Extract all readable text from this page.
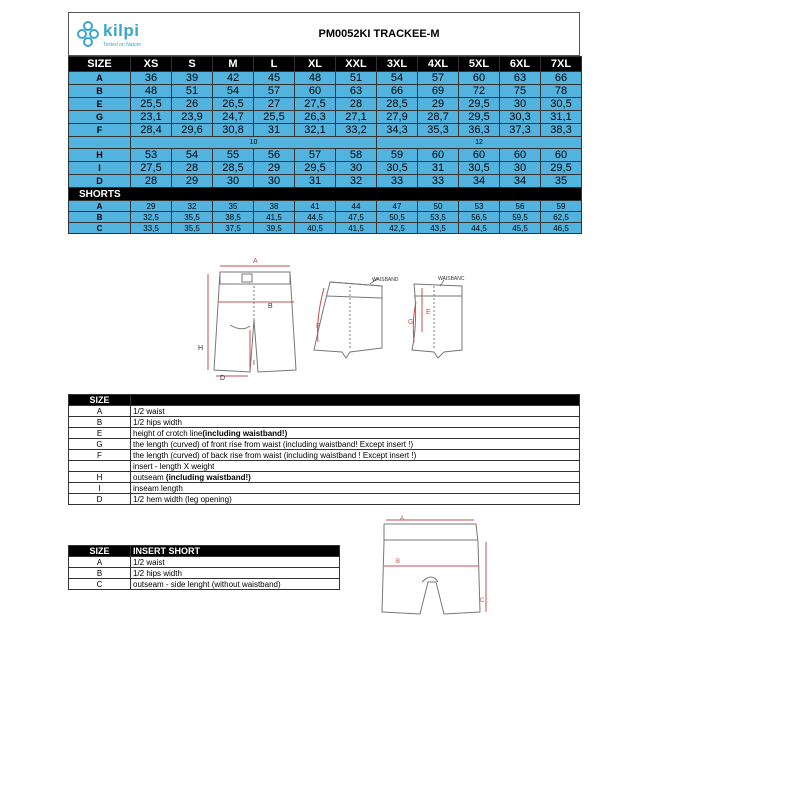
kilpi
Tested on Nature
PM0052KI TRACKEE-M
SIZE	XS	S	M	L	XL	XXL	3XL	4XL	5XL	6XL	7XL
A	36	39	42	45	48	51	54	57	60	63	66
B	48	51	54	57	60	63	66	69	72	75	78
E	25,5	26	26,5	27	27,5	28	28,5	29	29,5	30	30,5
G	23,1	23,9	24,7	25,5	26,3	27,1	27,9	28,7	29,5	30,3	31,1
F	28,4	29,6	30,8	31	32,1	33,2	34,3	35,3	36,3	37,3	38,3
	10						12				
H	53	54	55	56	57	58	59	60	60	60	60
I	27,5	28	28,5	29	29,5	30	30,5	31	30,5	30	29,5
D	28	29	30	30	31	32	33	33	34	34	35
SHORTS											
A	29	32	35	38	41	44	47	50	53	56	59
B	32,5	35,5	38,5	41,5	44,5	47,5	50,5	53,5	56,5	59,5	62,5
C	33,5	35,5	37,5	39,5	40,5	41,5	42,5	43,5	44,5	45,5	46,5
A
B
H
I
D
WAISBAND
F
WAISBANC
E
G
SIZE	
A	1/2 waist
B	1/2 hips width
E	height of crotch line(including waistband!)
G	the length (curved) of front rise from waist (including waistband! Except insert !)
F	the length (curved) of back rise from waist (including waistband ! Except insert !)
	insert - length X weight
H	outseam (including waistband!)
I	inseam length
D	1/2 hem width (leg opening)
SIZE	INSERT SHORT
A	1/2 waist
B	1/2 hips width
C	outseam - side lenght (without waistband)
A
B
C
